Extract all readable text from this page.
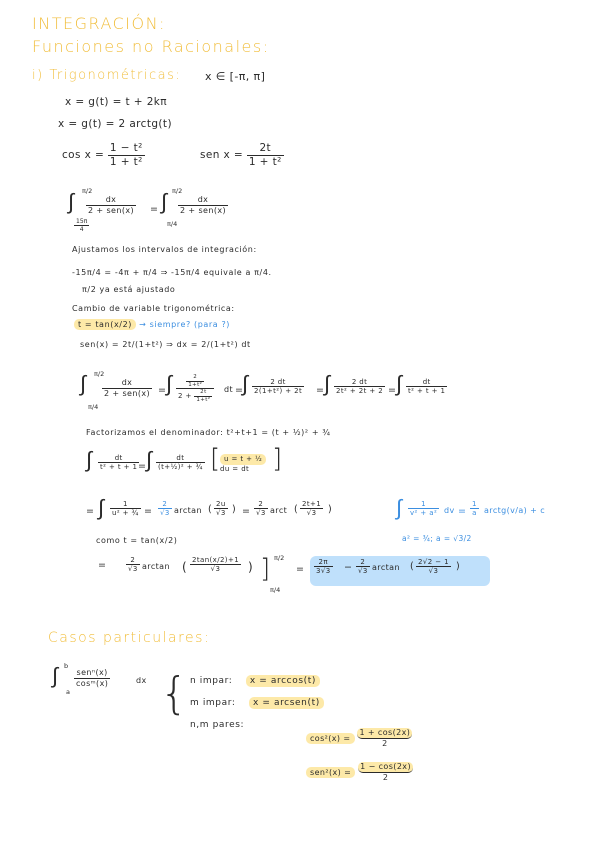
INTEGRACIÓN:
Funciones no Racionales:
i) Trigonométricas: x ∈ [-π, π]
x = g(t) = t + 2kπ
x = g(t) = 2 arctg(t)
$\cos x = \frac{\text{1 − t²}}{\text{1 + t²}}$	sen $x = \frac{2t}{\text{1 + t²}}$
π/2
∫
$\frac{15\pi}{4}$
dx
2 + sen(x) =
π/2
∫
π/4
dx
2 + sen(x)
Ajustamos los intervalos de integración:
-15π/4 = -4π + π/4 ⇒ -15π/4 equivale a π/4.
π/2 ya está ajustado
Cambio de variable trigonométrica:
t = tan(x/2) → siempre? (para ?)
sen(x) = 2t/(1+t²) ⇒ dx = 2/(1+t²) dt
π/2
∫
π/4
dx
2 + sen(x) = ∫ $\frac{\frac{2}{\text{1+t²}}}{2 + \frac{2t}{\text{1+t²}}}$ dt =
∫ $\frac{2 dt}{\text{2(1+t²) + 2t}}$ = ∫ $\frac{2 dt}{\text{2t² + 2t + 2}}$ = ∫ $\frac{dt}{\text{t² + t + 1}}$
Factorizamos el denominador: t²+t+1 = (t + ½)² + ¾
∫ $\frac{dt}{\text{t² + t + 1}}$
= ∫ $\frac{dt}{\text{(t+½)² + ¾}}$ [ u = t + ½
du = dt ]
= ∫ $\frac{1}{\text{u² + ¾}} = \frac{2}{√3}$ arctan ( $\frac{2u}{√3}$ ) = $\frac{2}{√3}$ arct ( $\frac{2t+1}{√3}$ )	∫ $\frac{1}{\text{v² + a²}}$ dv = $\frac{1}{a}$ arctg(v/a) + c
a² = ¾; a = √3/2
como t = tan(x/2)
=	$\frac{2}{√3}$ arctan ( $\frac{2\tan(x/2)+1}{√3}$ ) ] π/2
π/4
= $\frac{2\pi}{3√3} - \frac{2}{√3}$ arctan ( $\frac{2√2 - 1}{√3}$ )
Casos particulares:
b
∫
a
senⁿ(x)
cosᵐ(x)	dx { n impar: x = arccos(t)
m impar: x = arcsen(t)
n,m pares:
$\cos^2(x) = \frac{1 + \cos(2x)}{2}$
$sen^2(x) = \frac{1 - \cos(2x)}{2}$
